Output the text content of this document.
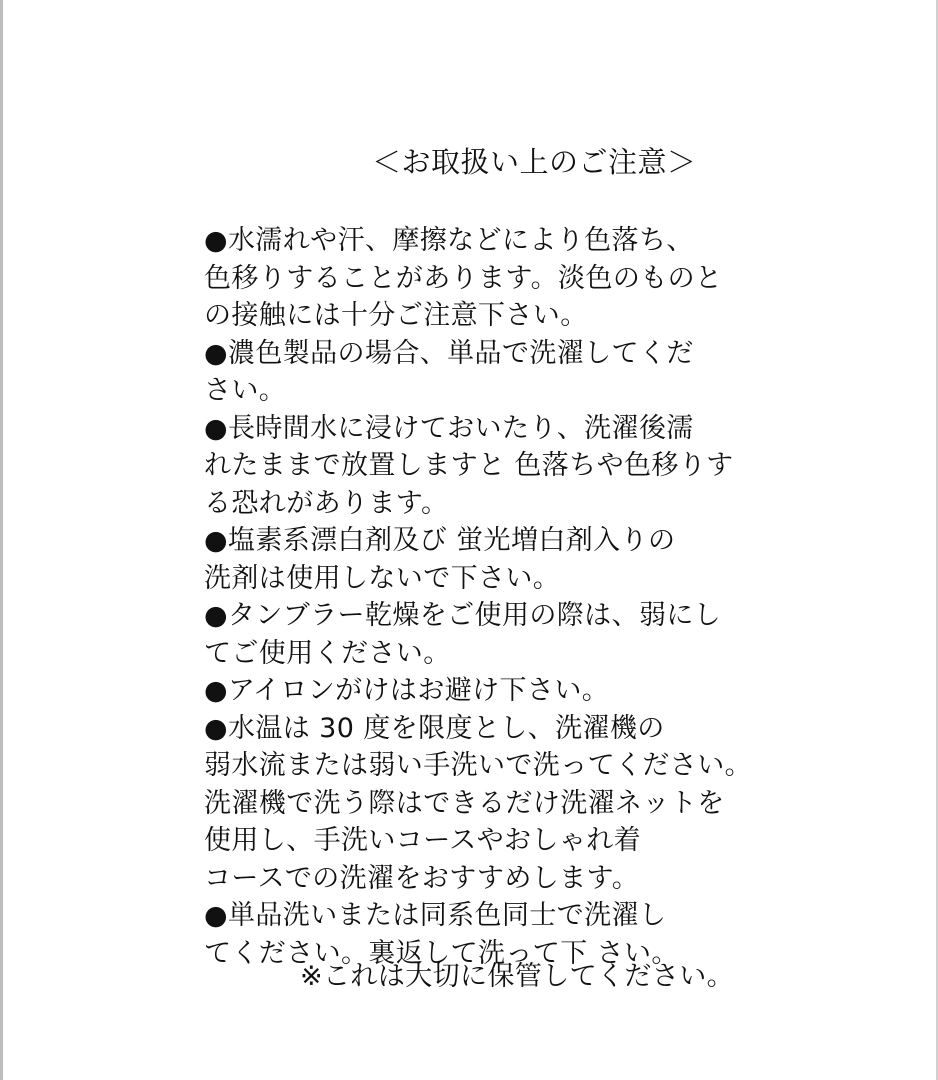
＜お取扱い上のご注意＞
●水濡れや汗、摩擦などにより色落ち、
色移りすることがあります。淡色のものと
の接触には十分ご注意下さい。
●濃色製品の場合、単品で洗濯してくだ
さい。
●長時間水に浸けておいたり、洗濯後濡
れたままで放置しますと 色落ちや色移りす
る恐れがあります。
●塩素系漂白剤及び 蛍光増白剤入りの
洗剤は使用しないで下さい。
●タンブラー乾燥をご使用の際は、弱にし
てご使用ください。
●アイロンがけはお避け下さい。
●水温は 30 度を限度とし、洗濯機の
弱水流または弱い手洗いで洗ってください。
洗濯機で洗う際はできるだけ洗濯ネットを
使用し、手洗いコースやおしゃれ着
コースでの洗濯をおすすめします。
●単品洗いまたは同系色同士で洗濯し
てください。裏返して洗って下 さい。
※これは大切に保管してください。
